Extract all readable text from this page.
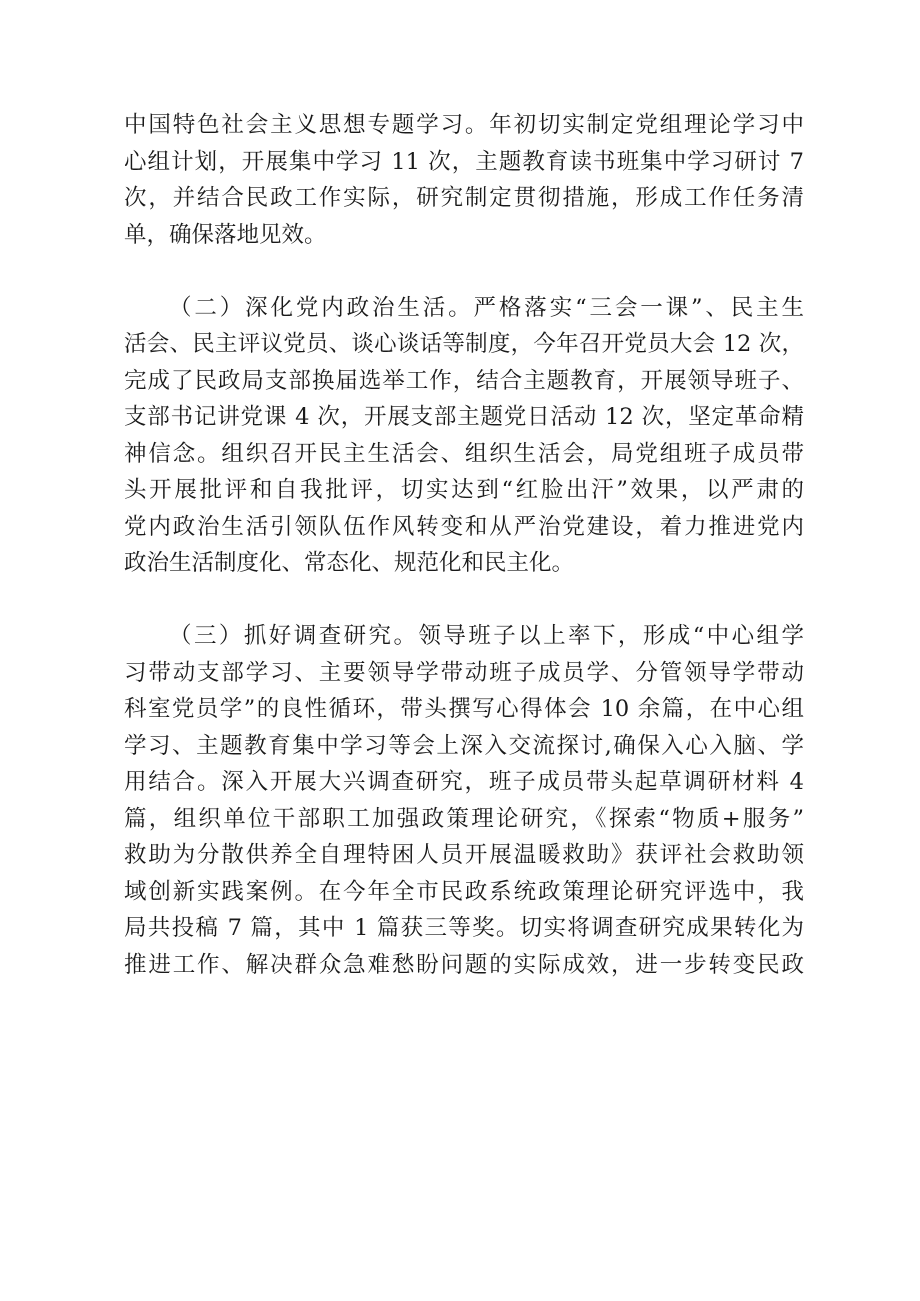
中国特色社会主义思想专题学习。年初切实制定党组理论学习中
心组计划，开展集中学习 11 次，主题教育读书班集中学习研讨 7
次，并结合民政工作实际，研究制定贯彻措施，形成工作任务清
单，确保落地见效。
（二）深化党内政治生活。严格落实“三会一课”、民主生
活会、民主评议党员、谈心谈话等制度，今年召开党员大会 12 次，
完成了民政局支部换届选举工作，结合主题教育，开展领导班子、
支部书记讲党课 4 次，开展支部主题党日活动 12 次，坚定革命精
神信念。组织召开民主生活会、组织生活会，局党组班子成员带
头开展批评和自我批评，切实达到“红脸出汗”效果，以严肃的
党内政治生活引领队伍作风转变和从严治党建设，着力推进党内
政治生活制度化、常态化、规范化和民主化。
（三）抓好调查研究。领导班子以上率下，形成“中心组学
习带动支部学习、主要领导学带动班子成员学、分管领导学带动
科室党员学”的良性循环，带头撰写心得体会 10 余篇，在中心组
学习、主题教育集中学习等会上深入交流探讨,确保入心入脑、学
用结合。深入开展大兴调查研究，班子成员带头起草调研材料 4
篇，组织单位干部职工加强政策理论研究，《探索“物质+服务”
救助为分散供养全自理特困人员开展温暖救助》获评社会救助领
域创新实践案例。在今年全市民政系统政策理论研究评选中，我
局共投稿 7 篇，其中 1 篇获三等奖。切实将调查研究成果转化为
推进工作、解决群众急难愁盼问题的实际成效，进一步转变民政
